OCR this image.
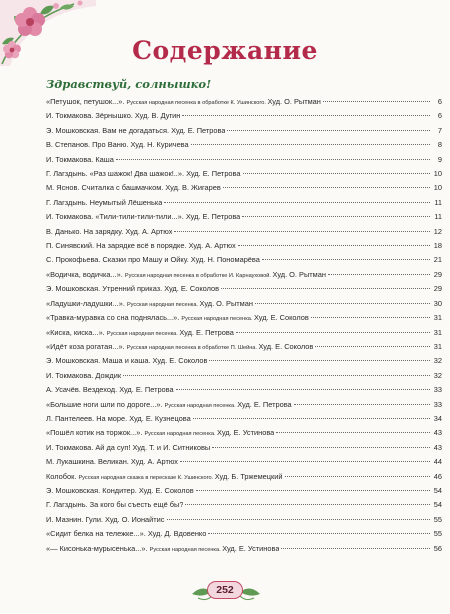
Содержание
Здравствуй, солнышко!
«Петушок, петушок...». Русская народная песенка в обработке К. Ушинского. Худ. О. Рытман	6
И. Токмакова. Зёрнышко. Худ. В. Дугин	6
Э. Мошковская. Вам не догадаться. Худ. Е. Петрова	7
В. Степанов. Про Ваню. Худ. Н. Куричева	8
И. Токмакова. Каша	9
Г. Лагздынь. «Раз шажок! Два шажок!..». Худ. Е. Петрова	10
М. Яснов. Считалка с башмачком. Худ. В. Жигарев	10
Г. Лагздынь. Неумытый Лёшенька	11
И. Токмакова. «Тили-тили-тили-тили...». Худ. Е. Петрова	11
В. Данько. На зарядку. Худ. А. Артюх	12
П. Синявский. На зарядке всё в порядке. Худ. А. Артюх	18
С. Прокофьева. Сказки про Машу и Ойку. Худ. Н. Пономарёва	21
«Водичка, водичка...». Русская народная песенка в обработке И. Карнауховой. Худ. О. Рытман	29
Э. Мошковская. Утренний приказ. Худ. Е. Соколов	29
«Ладушки-ладушки...». Русская народная песенка. Худ. О. Рытман	30
«Травка-муравка со сна поднялась...». Русская народная песенка. Худ. Е. Соколов	31
«Киска, киска...». Русская народная песенка. Худ. Е. Петрова	31
«Идёт коза рогатая...». Русская народная песенка в обработке П. Шейна. Худ. Е. Соколов	31
Э. Мошковская. Маша и каша. Худ. Е. Соколов	32
И. Токмакова. Дождик	32
А. Усачёв. Вездеход. Худ. Е. Петрова	33
«Большие ноги шли по дороге...». Русская народная песенка. Худ. Е. Петрова	33
Л. Пантелеев. На море. Худ. Е. Кузнецова	34
«Пошёл котик на торжок...». Русская народная песенка. Худ. Е. Устинова	43
И. Токмакова. Ай да суп! Худ. Т. и И. Ситниковы	43
М. Лукашкина. Великан. Худ. А. Артюх	44
Колобок. Русская народная сказка в пересказе К. Ушинского. Худ. Б. Тржемецкий	46
Э. Мошковская. Кондитер. Худ. Е. Соколов	54
Г. Лагздынь. За кого бы съесть ещё бы?	54
И. Мазнин. Гули. Худ. О. Ионайтис	55
«Сидит белка на тележке...». Худ. Д. Вдовенко	55
«— Кисонька-мурысенька...». Русская народная песенка. Худ. Е. Устинова	56
252
